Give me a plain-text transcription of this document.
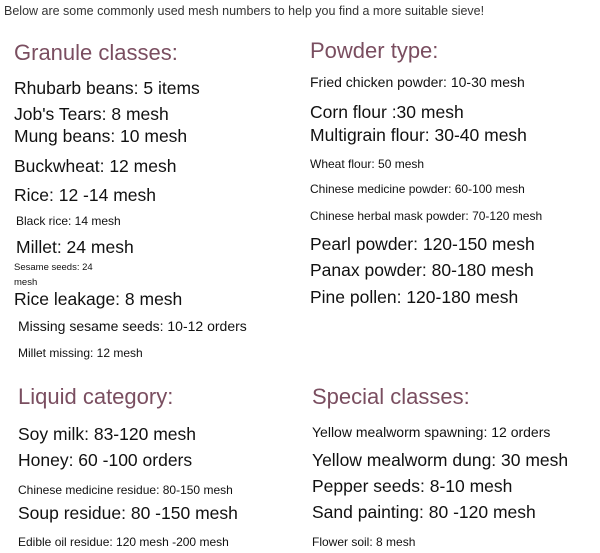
Below are some commonly used mesh numbers to help you find a more suitable sieve!
Granule classes:
Rhubarb beans: 5 items
Job's Tears: 8 mesh
Mung beans: 10 mesh
Buckwheat: 12 mesh
Rice: 12 -14 mesh
Black rice: 14 mesh
Millet: 24 mesh
Sesame seeds: 24
mesh
Rice leakage: 8 mesh
Missing sesame seeds: 10-12 orders
Millet missing: 12 mesh
Powder type:
Fried chicken powder: 10-30 mesh
Corn flour :30 mesh
Multigrain flour: 30-40 mesh
Wheat flour: 50 mesh
Chinese medicine powder: 60-100 mesh
Chinese herbal mask powder: 70-120 mesh
Pearl powder: 120-150 mesh
Panax powder: 80-180 mesh
Pine pollen: 120-180 mesh
Liquid category:
Soy milk: 83-120 mesh
Honey: 60 -100 orders
Chinese medicine residue: 80-150 mesh
Soup residue: 80 -150 mesh
Edible oil residue: 120 mesh -200 mesh
Special classes:
Yellow mealworm spawning: 12 orders
Yellow mealworm dung: 30 mesh
Pepper seeds: 8-10 mesh
Sand painting: 80 -120 mesh
Flower soil: 8 mesh
